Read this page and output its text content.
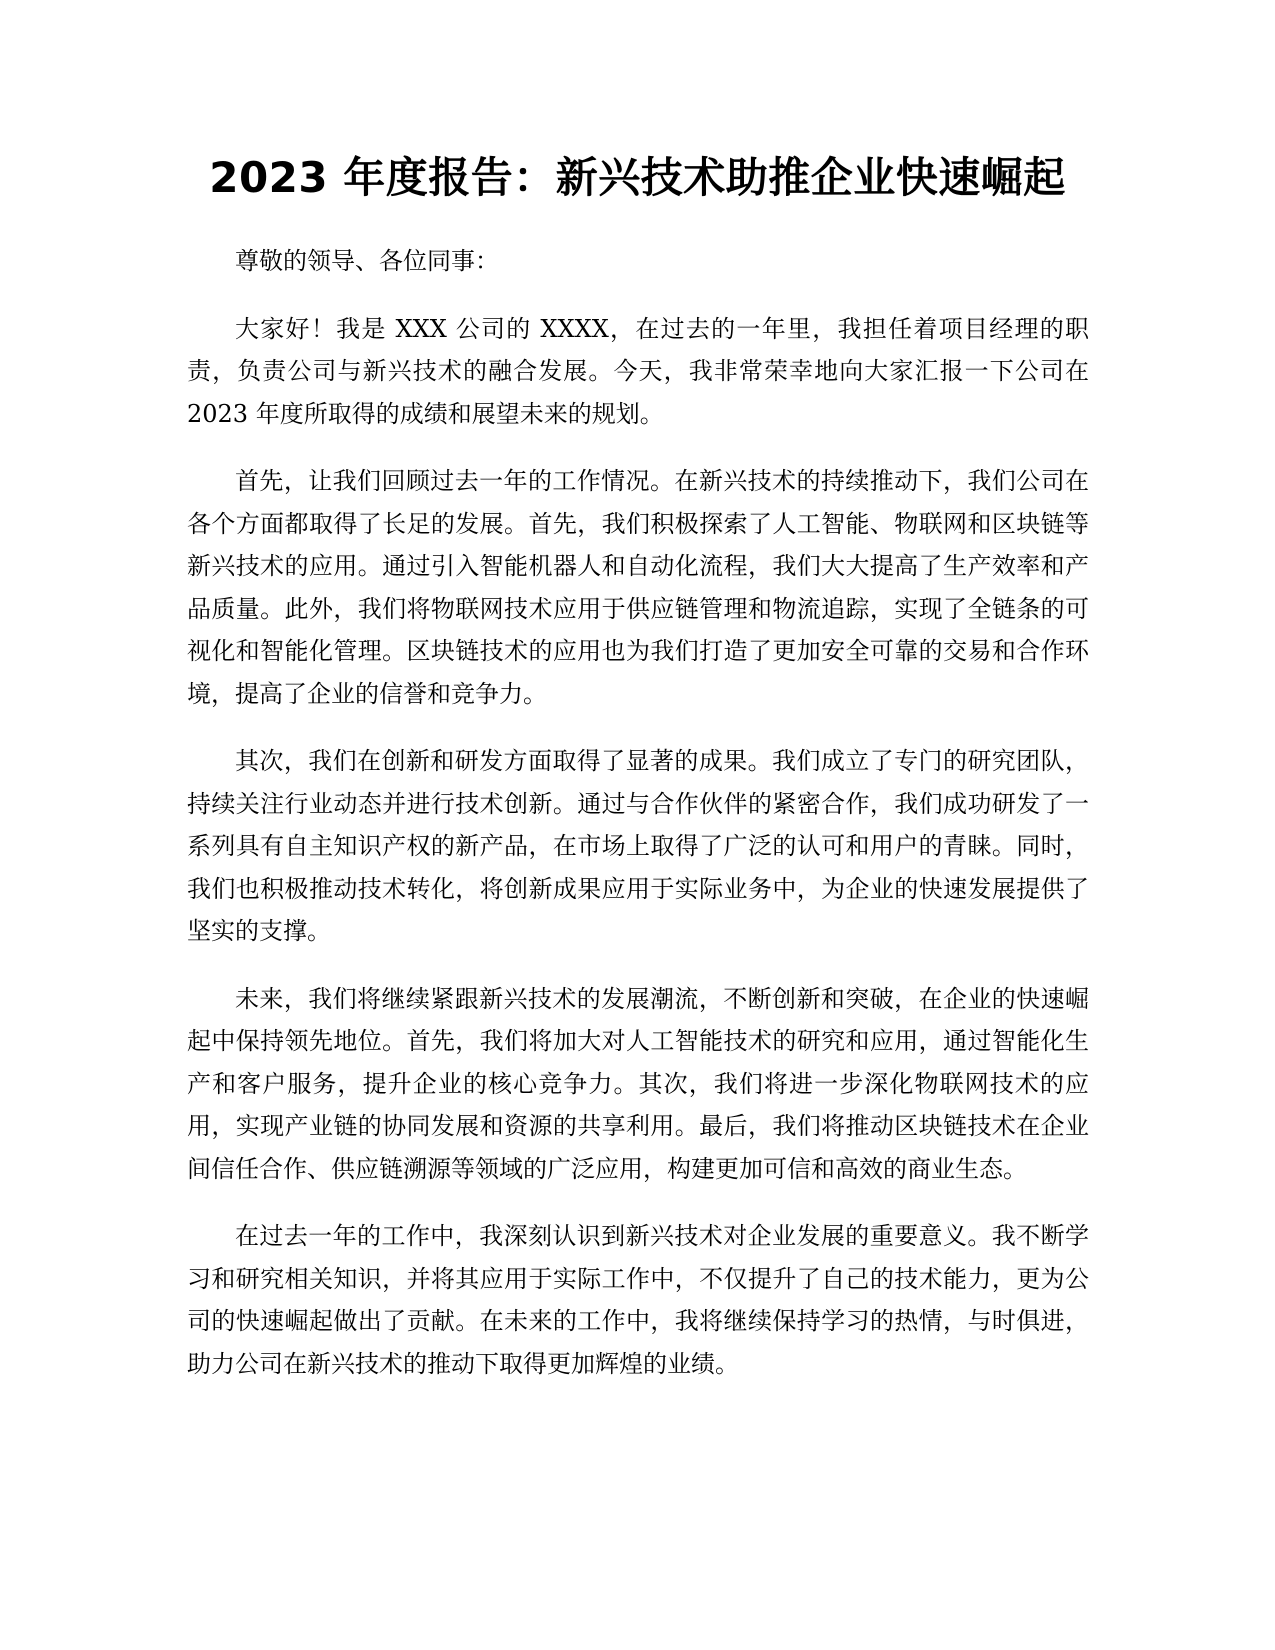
2023 年度报告：新兴技术助推企业快速崛起

尊敬的领导、各位同事：

大家好！我是 XXX 公司的 XXXX，在过去的一年里，我担任着项目经理的职责，负责公司与新兴技术的融合发展。今天，我非常荣幸地向大家汇报一下公司在 2023 年度所取得的成绩和展望未来的规划。

首先，让我们回顾过去一年的工作情况。在新兴技术的持续推动下，我们公司在各个方面都取得了长足的发展。首先，我们积极探索了人工智能、物联网和区块链等新兴技术的应用。通过引入智能机器人和自动化流程，我们大大提高了生产效率和产品质量。此外，我们将物联网技术应用于供应链管理和物流追踪，实现了全链条的可视化和智能化管理。区块链技术的应用也为我们打造了更加安全可靠的交易和合作环境，提高了企业的信誉和竞争力。

其次，我们在创新和研发方面取得了显著的成果。我们成立了专门的研究团队，持续关注行业动态并进行技术创新。通过与合作伙伴的紧密合作，我们成功研发了一系列具有自主知识产权的新产品，在市场上取得了广泛的认可和用户的青睐。同时，我们也积极推动技术转化，将创新成果应用于实际业务中，为企业的快速发展提供了坚实的支撑。

未来，我们将继续紧跟新兴技术的发展潮流，不断创新和突破，在企业的快速崛起中保持领先地位。首先，我们将加大对人工智能技术的研究和应用，通过智能化生产和客户服务，提升企业的核心竞争力。其次，我们将进一步深化物联网技术的应用，实现产业链的协同发展和资源的共享利用。最后，我们将推动区块链技术在企业间信任合作、供应链溯源等领域的广泛应用，构建更加可信和高效的商业生态。

在过去一年的工作中，我深刻认识到新兴技术对企业发展的重要意义。我不断学习和研究相关知识，并将其应用于实际工作中，不仅提升了自己的技术能力，更为公司的快速崛起做出了贡献。在未来的工作中，我将继续保持学习的热情，与时俱进，助力公司在新兴技术的推动下取得更加辉煌的业绩。
